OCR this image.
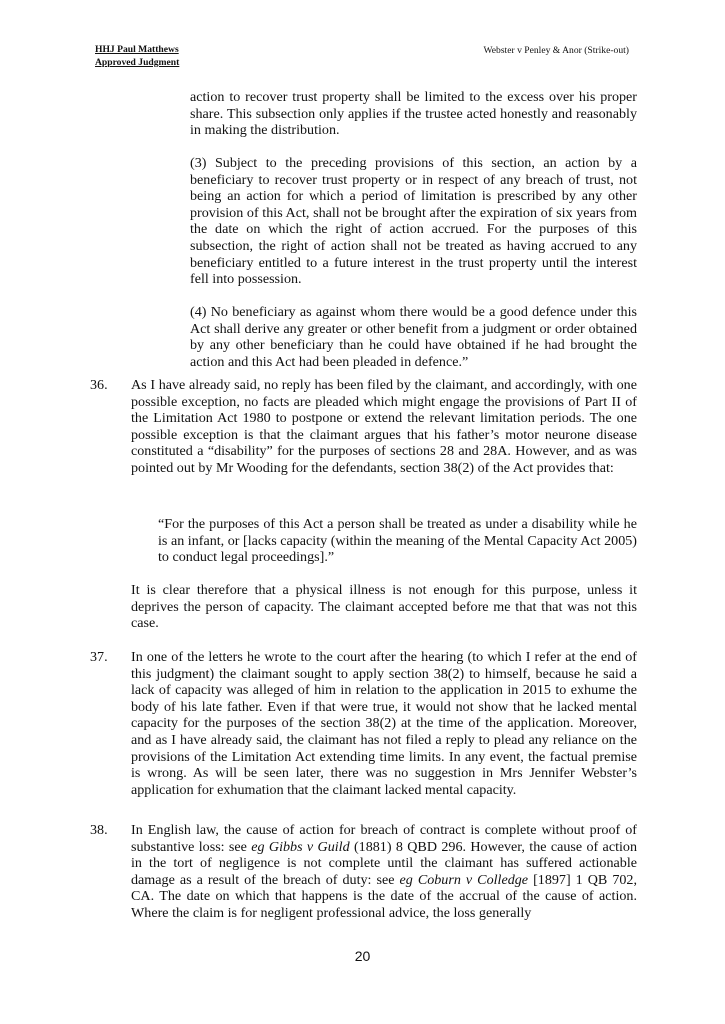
HHJ Paul Matthews
Approved Judgment
Webster v Penley & Anor (Strike-out)

action to recover trust property shall be limited to the excess over his proper share. This subsection only applies if the trustee acted honestly and reasonably in making the distribution.

(3) Subject to the preceding provisions of this section, an action by a beneficiary to recover trust property or in respect of any breach of trust, not being an action for which a period of limitation is prescribed by any other provision of this Act, shall not be brought after the expiration of six years from the date on which the right of action accrued. For the purposes of this subsection, the right of action shall not be treated as having accrued to any beneficiary entitled to a future interest in the trust property until the interest fell into possession.

(4) No beneficiary as against whom there would be a good defence under this Act shall derive any greater or other benefit from a judgment or order obtained by any other beneficiary than he could have obtained if he had brought the action and this Act had been pleaded in defence.”

36. As I have already said, no reply has been filed by the claimant, and accordingly, with one possible exception, no facts are pleaded which might engage the provisions of Part II of the Limitation Act 1980 to postpone or extend the relevant limitation periods. The one possible exception is that the claimant argues that his father’s motor neurone disease constituted a “disability” for the purposes of sections 28 and 28A. However, and as was pointed out by Mr Wooding for the defendants, section 38(2) of the Act provides that:

“For the purposes of this Act a person shall be treated as under a disability while he is an infant, or [lacks capacity (within the meaning of the Mental Capacity Act 2005) to conduct legal proceedings].”

It is clear therefore that a physical illness is not enough for this purpose, unless it deprives the person of capacity. The claimant accepted before me that that was not this case.

37. In one of the letters he wrote to the court after the hearing (to which I refer at the end of this judgment) the claimant sought to apply section 38(2) to himself, because he said a lack of capacity was alleged of him in relation to the application in 2015 to exhume the body of his late father. Even if that were true, it would not show that he lacked mental capacity for the purposes of the section 38(2) at the time of the application. Moreover, and as I have already said, the claimant has not filed a reply to plead any reliance on the provisions of the Limitation Act extending time limits. In any event, the factual premise is wrong. As will be seen later, there was no suggestion in Mrs Jennifer Webster’s application for exhumation that the claimant lacked mental capacity.

38. In English law, the cause of action for breach of contract is complete without proof of substantive loss: see eg Gibbs v Guild (1881) 8 QBD 296. However, the cause of action in the tort of negligence is not complete until the claimant has suffered actionable damage as a result of the breach of duty: see eg Coburn v Colledge [1897] 1 QB 702, CA. The date on which that happens is the date of the accrual of the cause of action. Where the claim is for negligent professional advice, the loss generally

20
